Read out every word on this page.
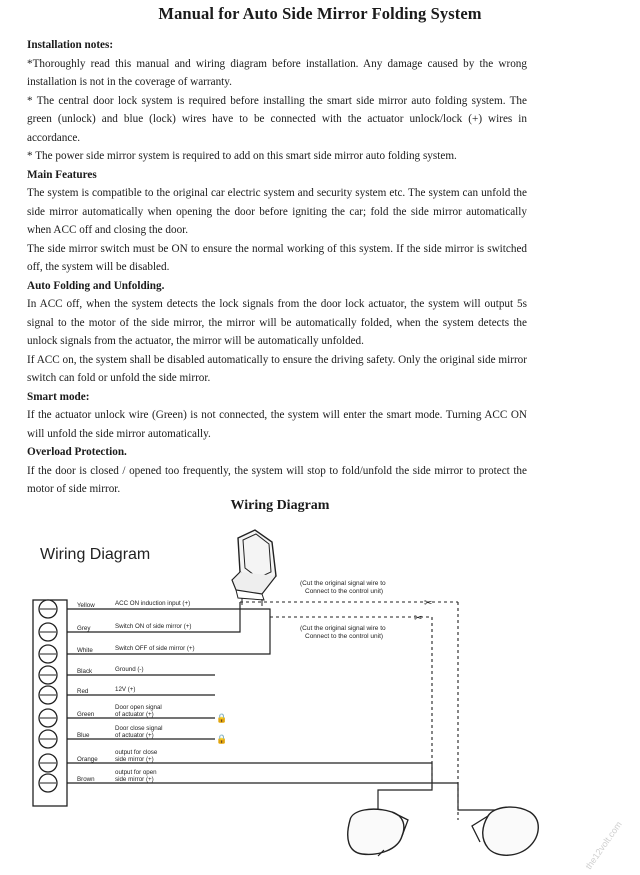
Manual for Auto Side Mirror Folding System

Installation notes:

*Thoroughly read this manual and wiring diagram before installation. Any damage caused by the wrong installation is not in the coverage of warranty.

* The central door lock system is required before installing the smart side mirror auto folding system. The green (unlock) and blue (lock) wires have to be connected with the actuator unlock/lock (+) wires in accordance.

* The power side mirror system is required to add on this smart side mirror auto folding system.

Main Features

The system is compatible to the original car electric system and security system etc. The system can unfold the side mirror automatically when opening the door before igniting the car; fold the side mirror automatically when ACC off and closing the door.

The side mirror switch must be ON to ensure the normal working of this system. If the side mirror is switched off, the system will be disabled.

Auto Folding and Unfolding.

In ACC off, when the system detects the lock signals from the door lock actuator, the system will output 5s signal to the motor of the side mirror, the mirror will be automatically folded, when the system detects the unlock signals from the actuator, the mirror will be automatically unfolded.

If ACC on, the system shall be disabled automatically to ensure the driving safety. Only the original side mirror switch can fold or unfold the side mirror.

Smart mode:

If the actuator unlock wire (Green) is not connected, the system will enter the smart mode. Turning ACC ON will unfold the side mirror automatically.

Overload Protection.

If the door is closed / opened too frequently, the system will stop to fold/unfold the side mirror to protect the motor of side mirror.

Wiring Diagram
Wiring Diagram
Yellow	ACC ON induction input (+)
Grey	Switch ON of side mirror (+)
White	Switch OFF of side mirror (+)
Black	Ground (-)
Red	12V (+)
Green
Door open signal
of actuator (+)	🔒
Blue
Door close signal
of actuator (+)	🔒
Orange
output for close
side mirror (+)
Brown
output for open
side mirror (+)
(Cut the original signal wire to
Connect to the control unit)
(Cut the original signal wire to
Connect to the control unit)
✂
✂
the12volt.com
